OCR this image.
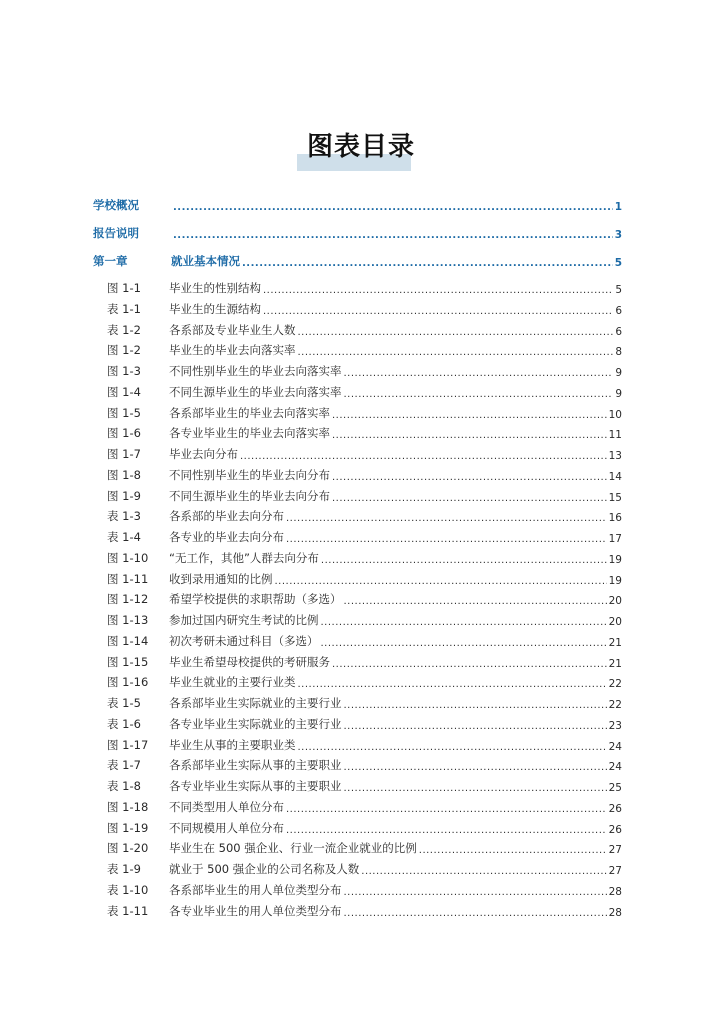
图表目录
学校概况 .....	1
报告说明 .....	3
第一章	就业基本情况 .....	5
图 1-1	毕业生的性别结构 .....	5
表 1-1	毕业生的生源结构 .....	6
表 1-2	各系部及专业毕业生人数 .....	6
图 1-2	毕业生的毕业去向落实率 .....	8
图 1-3	不同性别毕业生的毕业去向落实率 .....	9
图 1-4	不同生源毕业生的毕业去向落实率 .....	9
图 1-5	各系部毕业生的毕业去向落实率 .....	10
图 1-6	各专业毕业生的毕业去向落实率 .....	11
图 1-7	毕业去向分布 .....	13
图 1-8	不同性别毕业生的毕业去向分布 .....	14
图 1-9	不同生源毕业生的毕业去向分布 .....	15
表 1-3	各系部的毕业去向分布 .....	16
表 1-4	各专业的毕业去向分布 .....	17
图 1-10	“无工作，其他”人群去向分布 .....	19
图 1-11	收到录用通知的比例 .....	19
图 1-12	希望学校提供的求职帮助（多选） .....	20
图 1-13	参加过国内研究生考试的比例 .....	20
图 1-14	初次考研未通过科目（多选） .....	21
图 1-15	毕业生希望母校提供的考研服务 .....	21
图 1-16	毕业生就业的主要行业类 .....	22
表 1-5	各系部毕业生实际就业的主要行业 .....	22
表 1-6	各专业毕业生实际就业的主要行业 .....	23
图 1-17	毕业生从事的主要职业类 .....	24
表 1-7	各系部毕业生实际从事的主要职业 .....	24
表 1-8	各专业毕业生实际从事的主要职业 .....	25
图 1-18	不同类型用人单位分布 .....	26
图 1-19	不同规模用人单位分布 .....	26
图 1-20	毕业生在 500 强企业、行业一流企业就业的比例 .....	27
表 1-9	就业于 500 强企业的公司名称及人数 .....	27
表 1-10	各系部毕业生的用人单位类型分布 .....	28
表 1-11	各专业毕业生的用人单位类型分布 .....	28
